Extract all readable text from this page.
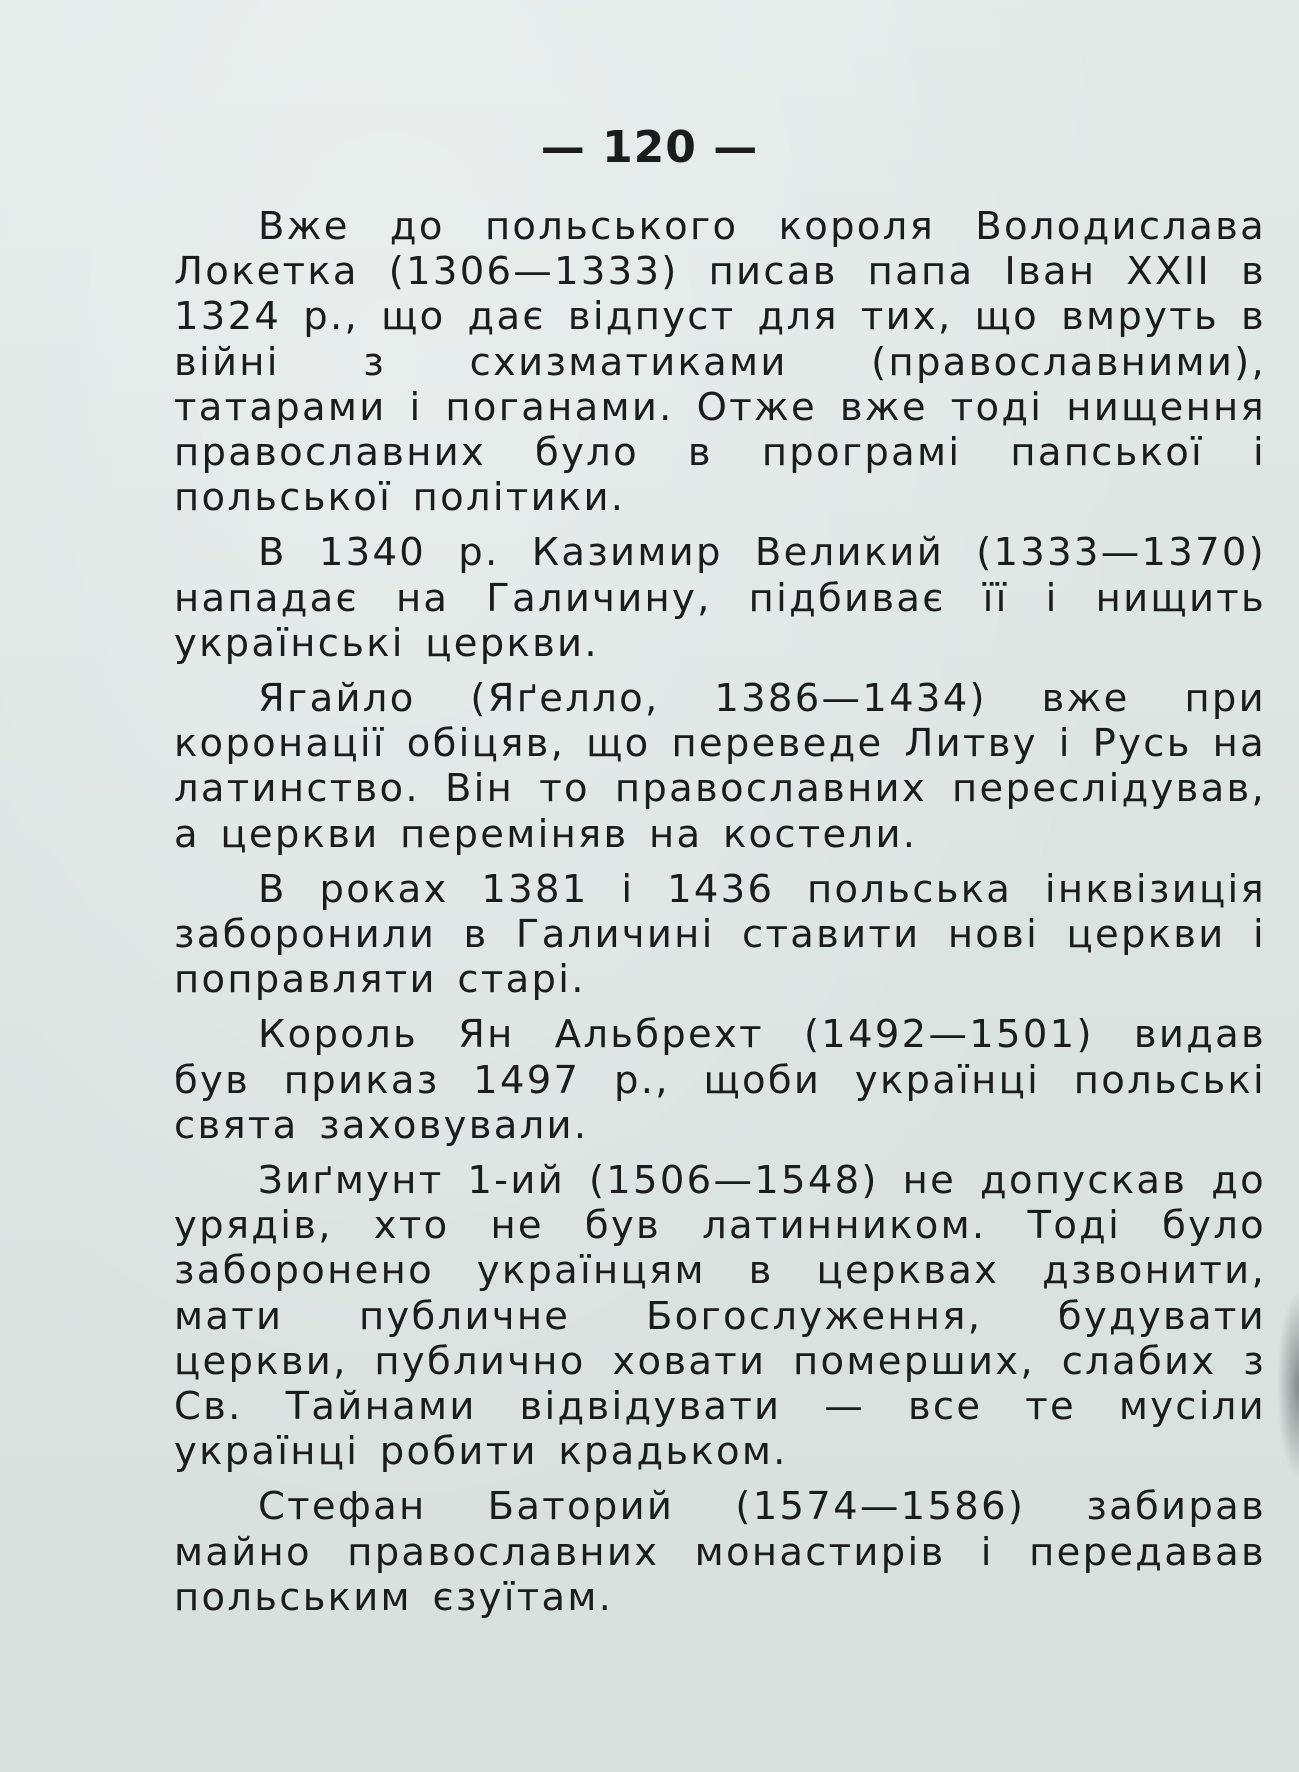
— 120 —

Вже до польського короля Володислава Локетка (1306—1333) писав папа Іван XXII в 1324 р., що дає відпуст для тих, що вмруть в війні з схизматиками (православними), татарами і поганами. Отже вже тоді нищення православних було в програмі папської і польської політики.

В 1340 р. Казимир Великий (1333—1370) нападає на Галичину, підбиває її і нищить українські церкви.

Ягайло (Яґелло, 1386—1434) вже при коронації обіцяв, що переведе Литву і Русь на латинство. Він то православних переслідував, а церкви переміняв на костели.

В роках 1381 і 1436 польська інквізиція заборонили в Галичині ставити нові церкви і поправляти старі.

Король Ян Альбрехт (1492—1501) видав був приказ 1497 р., щоби українці польські свята заховували.

Зиґмунт 1-ий (1506—1548) не допускав до урядів, хто не був латинником. Тоді було заборонено українцям в церквах дзвонити, мати публичне Богослуження, будувати церкви, публично ховати померших, слабих з Св. Тайнами відвідувати — все те мусіли українці робити крадьком.

Стефан Баторий (1574—1586) забирав майно православних монастирів і передавав польським єзуїтам.
